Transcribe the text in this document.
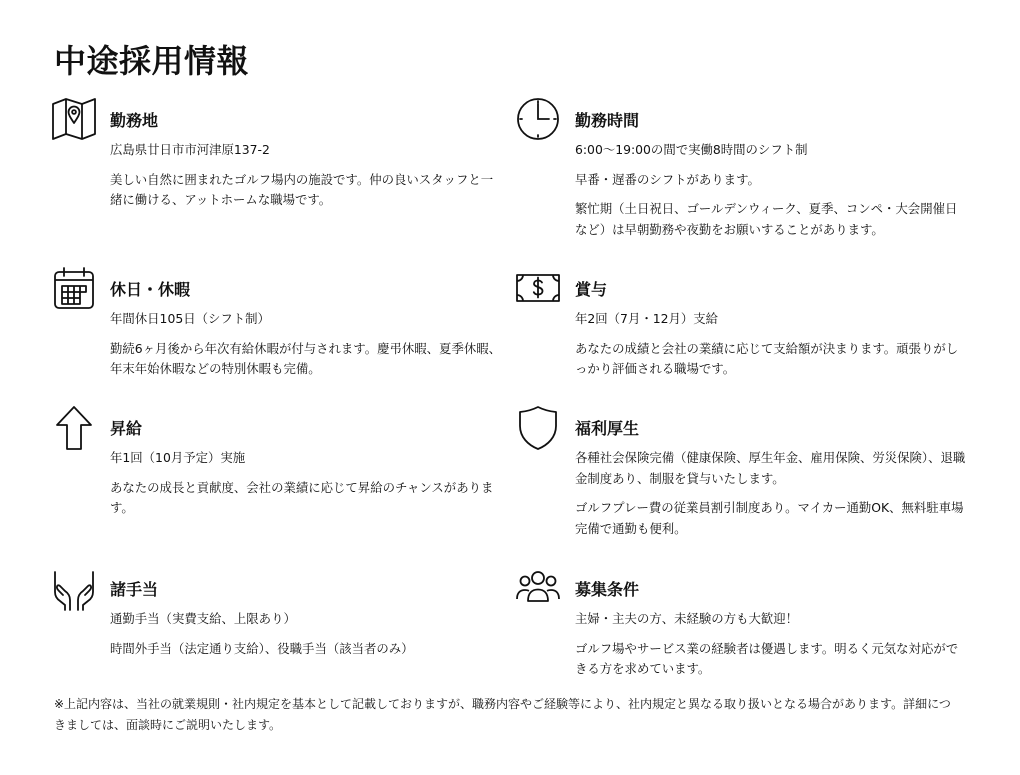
中途採用情報
勤務地

広島県廿日市市河津原137-2

美しい自然に囲まれたゴルフ場内の施設です。仲の良いスタッフと一緒に働ける、アットホームな職場です。

勤務時間

6:00〜19:00の間で実働8時間のシフト制

早番・遅番のシフトがあります。

繁忙期（土日祝日、ゴールデンウィーク、夏季、コンペ・大会開催日など）は早朝勤務や夜勤をお願いすることがあります。

休日・休暇

年間休日105日（シフト制）

勤続6ヶ月後から年次有給休暇が付与されます。慶弔休暇、夏季休暇、年末年始休暇などの特別休暇も完備。

賞与

年2回（7月・12月）支給

あなたの成績と会社の業績に応じて支給額が決まります。頑張りがしっかり評価される職場です。

昇給

年1回（10月予定）実施

あなたの成長と貢献度、会社の業績に応じて昇給のチャンスがあります。

福利厚生

各種社会保険完備（健康保険、厚生年金、雇用保険、労災保険）、退職金制度あり、制服を貸与いたします。

ゴルフプレー費の従業員割引制度あり。マイカー通勤OK、無料駐車場完備で通勤も便利。

諸手当

通勤手当（実費支給、上限あり）

時間外手当（法定通り支給）、役職手当（該当者のみ）

募集条件

主婦・主夫の方、未経験の方も大歓迎！

ゴルフ場やサービス業の経験者は優遇します。明るく元気な対応ができる方を求めています。

※上記内容は、当社の就業規則・社内規定を基本として記載しておりますが、職務内容やご経験等により、社内規定と異なる取り扱いとなる場合があります。詳細につきましては、面談時にご説明いたします。
